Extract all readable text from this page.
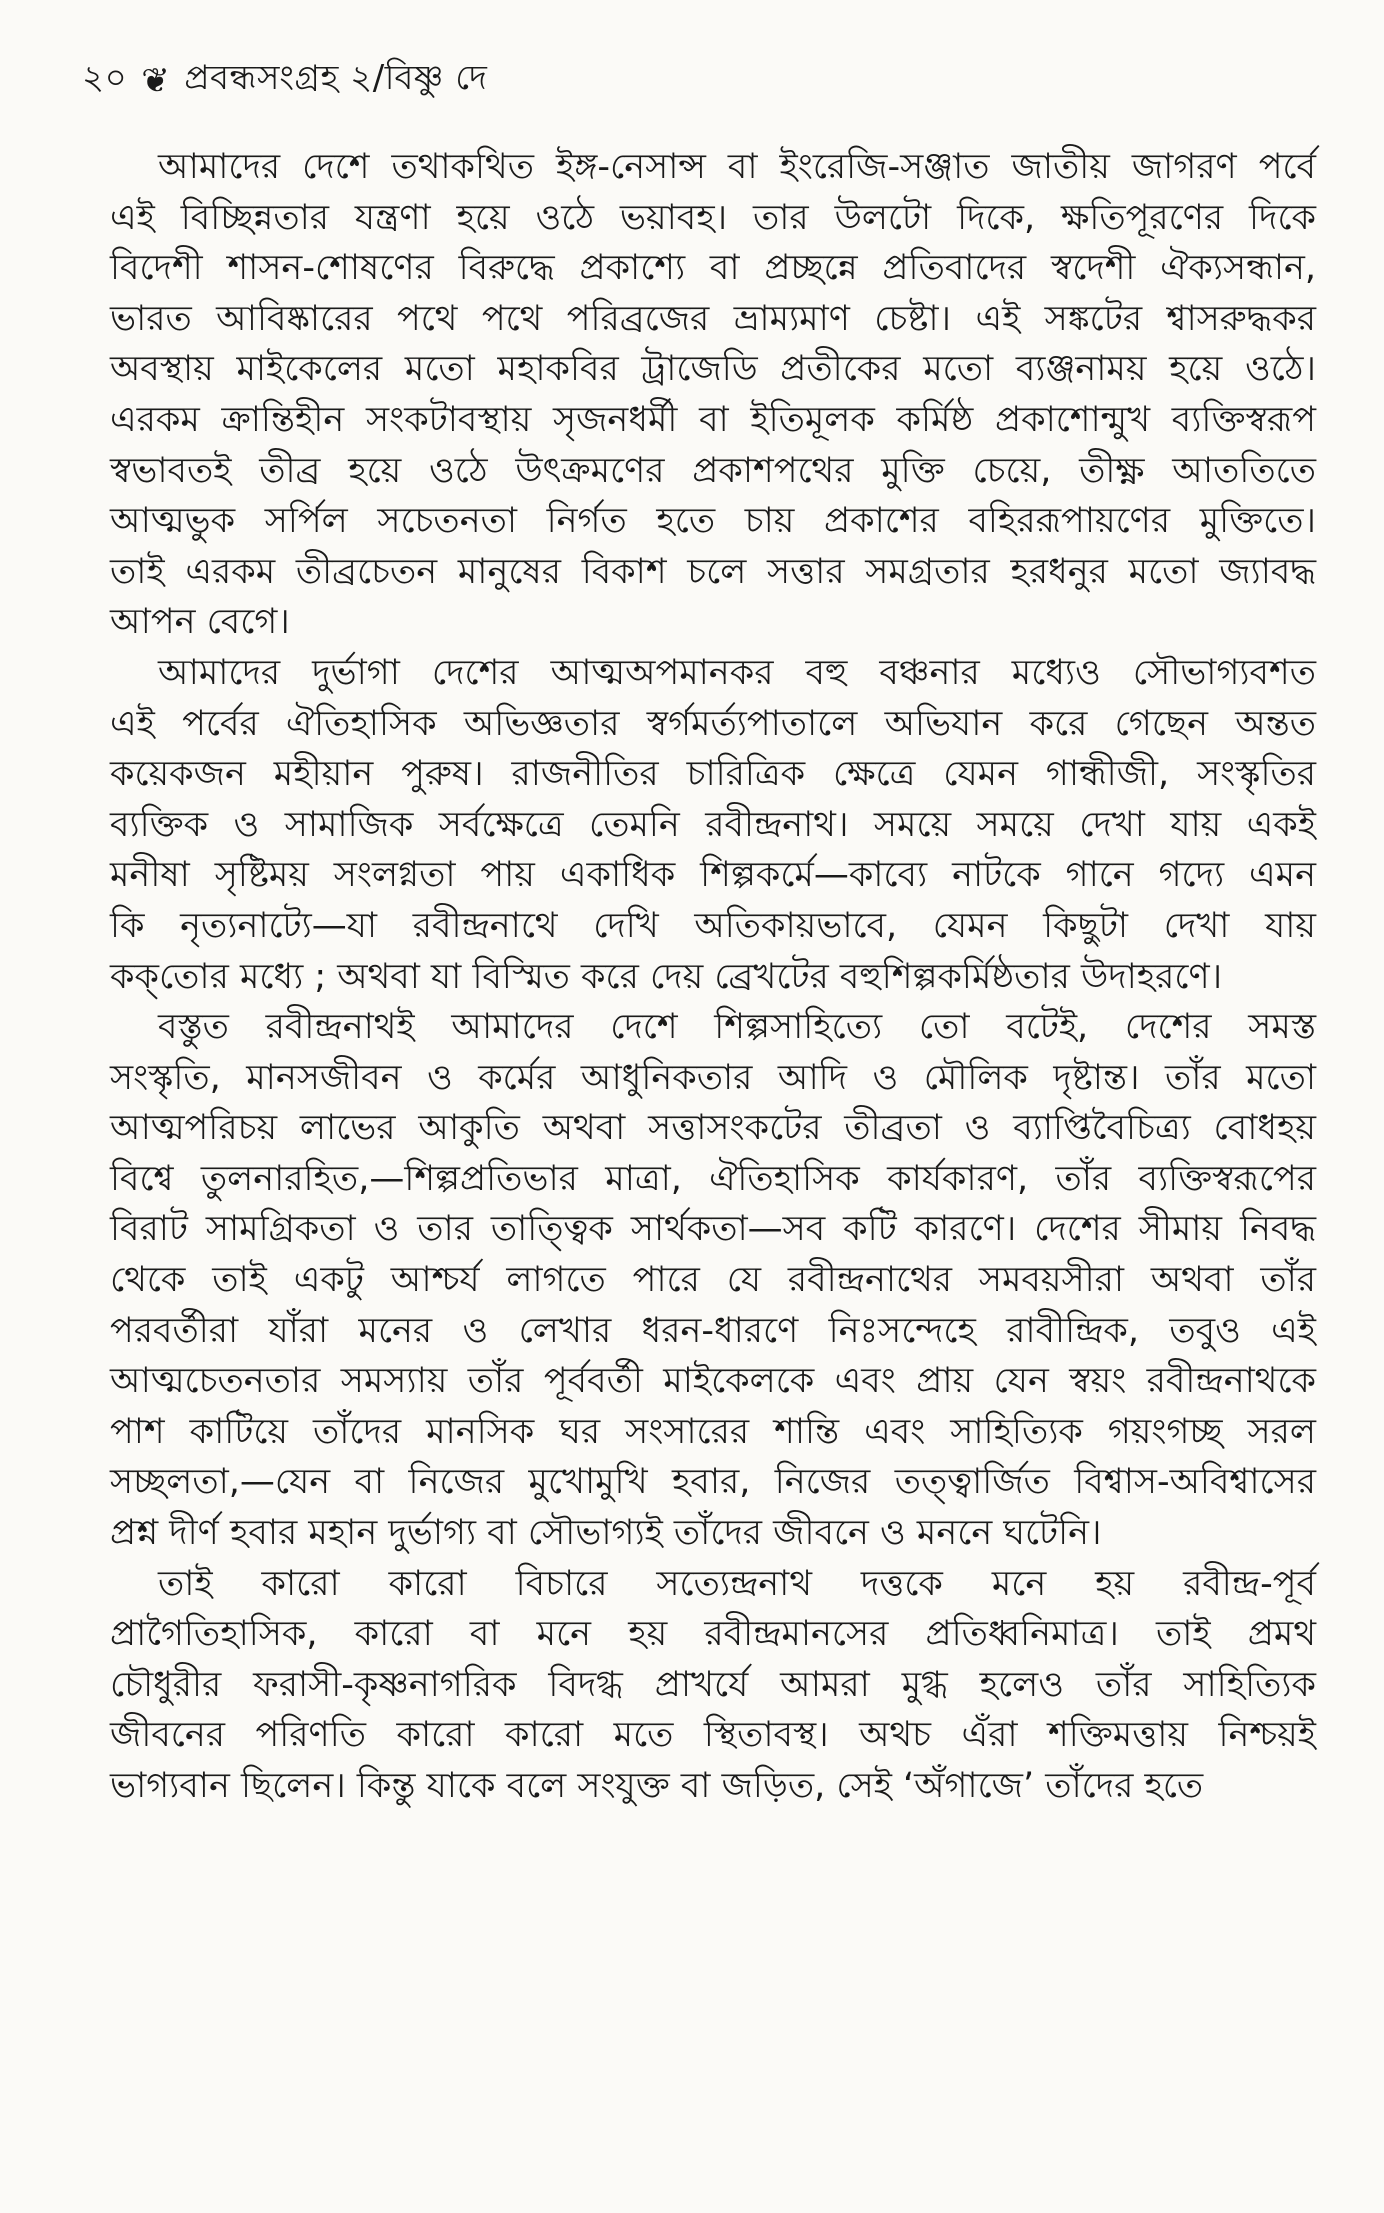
২০ ❦ প্রবন্ধসংগ্রহ ২/বিষ্ণু দে
আমাদের দেশে তথাকথিত ইঙ্গ-নেসান্স বা ইংরেজি-সঞ্জাত জাতীয় জাগরণ পর্বে
এই বিচ্ছিন্নতার যন্ত্রণা হয়ে ওঠে ভয়াবহ। তার উলটো দিকে, ক্ষতিপূরণের দিকে
বিদেশী শাসন-শোষণের বিরুদ্ধে প্রকাশ্যে বা প্রচ্ছন্নে প্রতিবাদের স্বদেশী ঐক্যসন্ধান,
ভারত আবিষ্কারের পথে পথে পরিব্রজের ভ্রাম্যমাণ চেষ্টা। এই সঙ্কটের শ্বাসরুদ্ধকর
অবস্থায় মাইকেলের মতো মহাকবির ট্রাজেডি প্রতীকের মতো ব্যঞ্জনাময় হয়ে ওঠে।
এরকম ক্রান্তিহীন সংকটাবস্থায় সৃজনধর্মী বা ইতিমূলক কর্মিষ্ঠ প্রকাশোন্মুখ ব্যক্তিস্বরূপ
স্বভাবতই তীব্র হয়ে ওঠে উৎক্রমণের প্রকাশপথের মুক্তি চেয়ে, তীক্ষ্ণ আততিতে
আত্মভুক সর্পিল সচেতনতা নির্গত হতে চায় প্রকাশের বহিররূপায়ণের মুক্তিতে।
তাই এরকম তীব্রচেতন মানুষের বিকাশ চলে সত্তার সমগ্রতার হরধনুর মতো জ্যাবদ্ধ
আপন বেগে।
আমাদের দুর্ভাগা দেশের আত্মঅপমানকর বহু বঞ্চনার মধ্যেও সৌভাগ্যবশত
এই পর্বের ঐতিহাসিক অভিজ্ঞতার স্বর্গমর্ত্যপাতালে অভিযান করে গেছেন অন্তত
কয়েকজন মহীয়ান পুরুষ। রাজনীতির চারিত্রিক ক্ষেত্রে যেমন গান্ধীজী, সংস্কৃতির
ব্যক্তিক ও সামাজিক সর্বক্ষেত্রে তেমনি রবীন্দ্রনাথ। সময়ে সময়ে দেখা যায় একই
মনীষা সৃষ্টিময় সংলগ্নতা পায় একাধিক শিল্পকর্মে—কাব্যে নাটকে গানে গদ্যে এমন
কি নৃত্যনাট্যে—যা রবীন্দ্রনাথে দেখি অতিকায়ভাবে, যেমন কিছুটা দেখা যায়
কক্‌তোর মধ্যে ; অথবা যা বিস্মিত করে দেয় ব্রেখটের বহুশিল্পকর্মিষ্ঠতার উদাহরণে।
বস্তুত রবীন্দ্রনাথই আমাদের দেশে শিল্পসাহিত্যে তো বটেই, দেশের সমস্ত
সংস্কৃতি, মানসজীবন ও কর্মের আধুনিকতার আদি ও মৌলিক দৃষ্টান্ত। তাঁর মতো
আত্মপরিচয় লাভের আকুতি অথবা সত্তাসংকটের তীব্রতা ও ব্যাপ্তিবৈচিত্র্য বোধহয়
বিশ্বে তুলনারহিত,—শিল্পপ্রতিভার মাত্রা, ঐতিহাসিক কার্যকারণ, তাঁর ব্যক্তিস্বরূপের
বিরাট সামগ্রিকতা ও তার তাত্ত্বিক সার্থকতা—সব কটি কারণে। দেশের সীমায় নিবদ্ধ
থেকে তাই একটু আশ্চর্য লাগতে পারে যে রবীন্দ্রনাথের সমবয়সীরা অথবা তাঁর
পরবর্তীরা যাঁরা মনের ও লেখার ধরন-ধারণে নিঃসন্দেহে রাবীন্দ্রিক, তবুও এই
আত্মচেতনতার সমস্যায় তাঁর পূর্ববর্তী মাইকেলকে এবং প্রায় যেন স্বয়ং রবীন্দ্রনাথকে
পাশ কাটিয়ে তাঁদের মানসিক ঘর সংসারের শান্তি এবং সাহিত্যিক গয়ংগচ্ছ সরল
সচ্ছলতা,—যেন বা নিজের মুখোমুখি হবার, নিজের তত্ত্বার্জিত বিশ্বাস-অবিশ্বাসের
প্রশ্ন দীর্ণ হবার মহান দুর্ভাগ্য বা সৌভাগ্যই তাঁদের জীবনে ও মননে ঘটেনি।
তাই কারো কারো বিচারে সত্যেন্দ্রনাথ দত্তকে মনে হয় রবীন্দ্র-পূর্ব
প্রাগৈতিহাসিক, কারো বা মনে হয় রবীন্দ্রমানসের প্রতিধ্বনিমাত্র। তাই প্রমথ
চৌধুরীর ফরাসী-কৃষ্ণনাগরিক বিদগ্ধ প্রাখর্যে আমরা মুগ্ধ হলেও তাঁর সাহিত্যিক
জীবনের পরিণতি কারো কারো মতে স্থিতাবস্থ। অথচ এঁরা শক্তিমত্তায় নিশ্চয়ই
ভাগ্যবান ছিলেন। কিন্তু যাকে বলে সংযুক্ত বা জড়িত, সেই ‘অঁগাজে’ তাঁদের হতে
